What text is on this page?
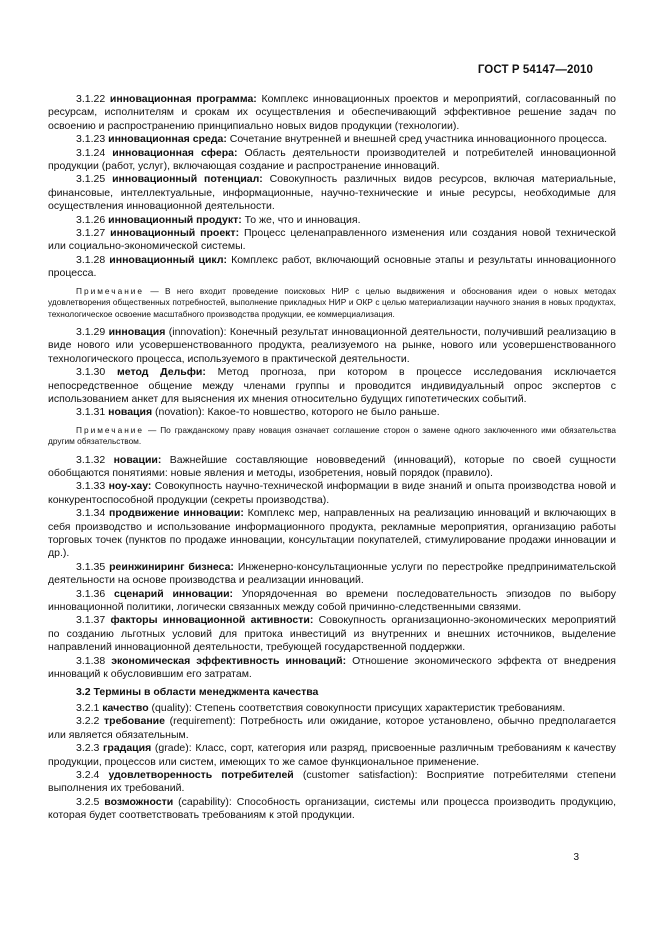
ГОСТ Р 54147—2010

3.1.22 инновационная программа: Комплекс инновационных проектов и мероприятий, согласованный по ресурсам, исполнителям и срокам их осуществления и обеспечивающий эффективное решение задач по освоению и распространению принципиально новых видов продукции (технологии).

3.1.23 инновационная среда: Сочетание внутренней и внешней сред участника инновационного процесса.

3.1.24 инновационная сфера: Область деятельности производителей и потребителей инновационной продукции (работ, услуг), включающая создание и распространение инноваций.

3.1.25 инновационный потенциал: Совокупность различных видов ресурсов, включая материальные, финансовые, интеллектуальные, информационные, научно-технические и иные ресурсы, необходимые для осуществления инновационной деятельности.

3.1.26 инновационный продукт: То же, что и инновация.

3.1.27 инновационный проект: Процесс целенаправленного изменения или создания новой технической или социально-экономической системы.

3.1.28 инновационный цикл: Комплекс работ, включающий основные этапы и результаты инновационного процесса.

Примечание — В него входит проведение поисковых НИР с целью выдвижения и обоснования идеи о новых методах удовлетворения общественных потребностей, выполнение прикладных НИР и ОКР с целью материализации научного знания в новых продуктах, технологическое освоение масштабного производства продукции, ее коммерциализация.

3.1.29 инновация (innovation): Конечный результат инновационной деятельности, получивший реализацию в виде нового или усовершенствованного продукта, реализуемого на рынке, нового или усовершенствованного технологического процесса, используемого в практической деятельности.

3.1.30 метод Дельфи: Метод прогноза, при котором в процессе исследования исключается непосредственное общение между членами группы и проводится индивидуальный опрос экспертов с использованием анкет для выяснения их мнения относительно будущих гипотетических событий.

3.1.31 новация (novation): Какое-то новшество, которого не было раньше.

Примечание — По гражданскому праву новация означает соглашение сторон о замене одного заключенного ими обязательства другим обязательством.

3.1.32 новации: Важнейшие составляющие нововведений (инноваций), которые по своей сущности обобщаются понятиями: новые явления и методы, изобретения, новый порядок (правило).

3.1.33 ноу-хау: Совокупность научно-технической информации в виде знаний и опыта производства новой и конкурентоспособной продукции (секреты производства).

3.1.34 продвижение инновации: Комплекс мер, направленных на реализацию инноваций и включающих в себя производство и использование информационного продукта, рекламные мероприятия, организацию работы торговых точек (пунктов по продаже инновации, консультации покупателей, стимулирование продажи инновации и др.).

3.1.35 реинжиниринг бизнеса: Инженерно-консультационные услуги по перестройке предпринимательской деятельности на основе производства и реализации инноваций.

3.1.36 сценарий инновации: Упорядоченная во времени последовательность эпизодов по выбору инновационной политики, логически связанных между собой причинно-следственными связями.

3.1.37 факторы инновационной активности: Совокупность организационно-экономических мероприятий по созданию льготных условий для притока инвестиций из внутренних и внешних источников, выделение направлений инновационной деятельности, требующей государственной поддержки.

3.1.38 экономическая эффективность инноваций: Отношение экономического эффекта от внедрения инноваций к обусловившим его затратам.

3.2 Термины в области менеджмента качества

3.2.1 качество (quality): Степень соответствия совокупности присущих характеристик требованиям.

3.2.2 требование (requirement): Потребность или ожидание, которое установлено, обычно предполагается или является обязательным.

3.2.3 градация (grade): Класс, сорт, категория или разряд, присвоенные различным требованиям к качеству продукции, процессов или систем, имеющих то же самое функциональное применение.

3.2.4 удовлетворенность потребителей (customer satisfaction): Восприятие потребителями степени выполнения их требований.

3.2.5 возможности (capability): Способность организации, системы или процесса производить продукцию, которая будет соответствовать требованиям к этой продукции.

3
